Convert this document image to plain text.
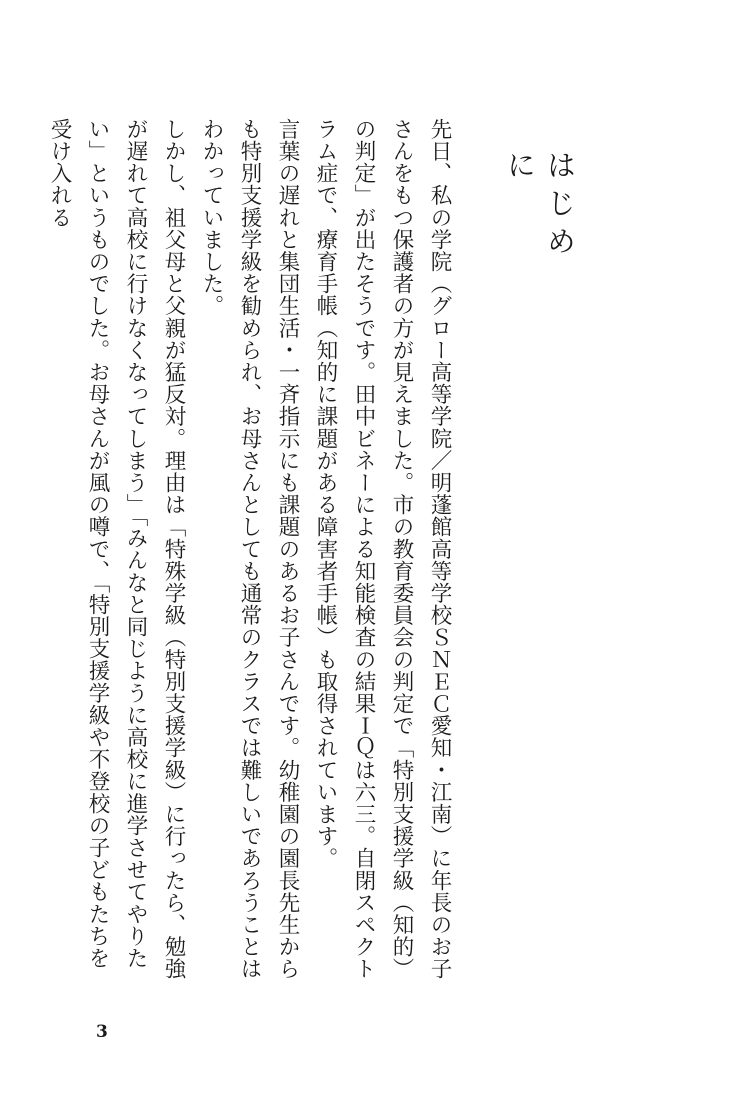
はじめに

先日、私の学院（グロー高等学院／明蓬館高等学校ＳＮＥＣ愛知・江南）に年長のお子さんをもつ保護者の方が見えました。市の教育委員会の判定で「特別支援学級（知的）の判定」が出たそうです。田中ビネーによる知能検査の結果ＩＱは六三。自閉スペクトラム症で、療育手帳（知的に課題がある障害者手帳）も取得されています。

言葉の遅れと集団生活・一斉指示にも課題のあるお子さんです。幼稚園の園長先生からも特別支援学級を勧められ、お母さんとしても通常のクラスでは難しいであろうことはわかっていました。

しかし、祖父母と父親が猛反対。理由は「特殊学級（特別支援学級）に行ったら、勉強が遅れて高校に行けなくなってしまう」「みんなと同じように高校に進学させてやりたい」というものでした。お母さんが風の噂で、「特別支援学級や不登校の子どもたちを受け入れる

3
